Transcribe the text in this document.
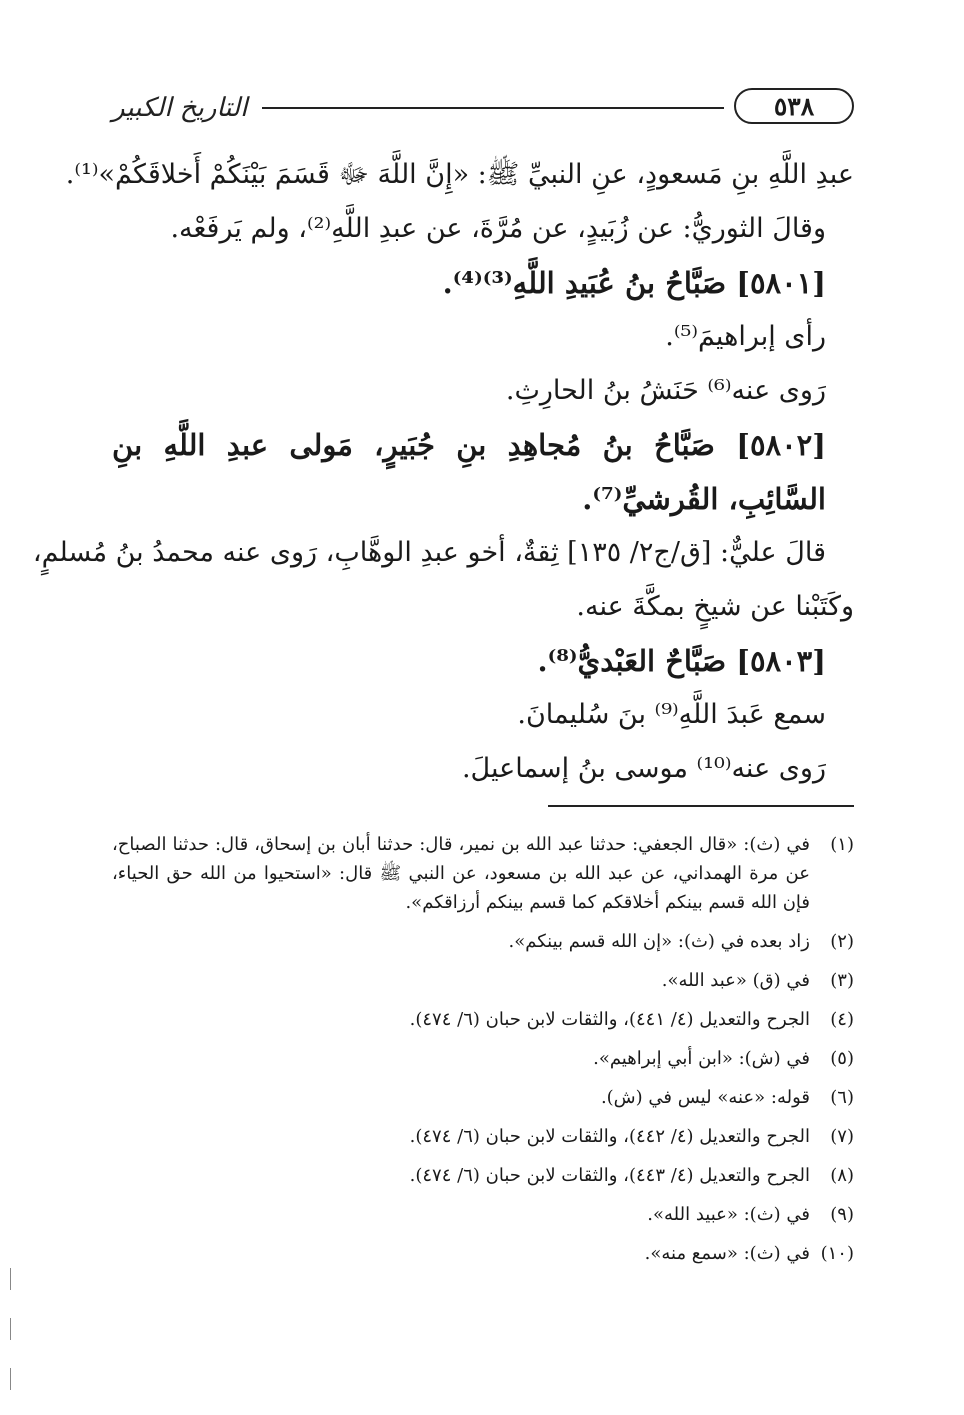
التاريخ الكبير	٥٣٨
عبدِ اللَّهِ بنِ مَسعودٍ، عنِ النبيِّ ﷺ: «إِنَّ اللَّهَ ﷻ قَسَمَ بَيْنَكُمْ أَخلاقَكُمْ»⁽¹⁾.
وقالَ الثوريُّ: عن زُبَيدٍ، عن مُرَّةَ، عن عبدِ اللَّهِ⁽²⁾، ولم يَرفَعْه.
[٥٨٠١] صَبَّاحُ بنُ عُبَيدِ اللَّهِ⁽³⁾⁽⁴⁾.
رأى إبراهيمَ⁽⁵⁾.
رَوى عنه⁽⁶⁾ حَنَشُ بنُ الحارِثِ.
[٥٨٠٢] صَبَّاحُ بنُ مُجاهِدِ بنِ جُبَيرٍ، مَولى عبدِ اللَّهِ بنِ السَّائِبِ، القُرشيِّ⁽⁷⁾.
قالَ عليٌّ: [ق/ج٢/ ١٣٥] ثِقةٌ، أخو عبدِ الوهَّابِ، رَوى عنه محمدُ بنُ مُسلمٍ،
وكَتَبْنا عن شيخٍ بمكَّةَ عنه.
[٥٨٠٣] صَبَّاحٌ العَبْديُّ⁽⁸⁾.
سمع عَبدَ اللَّهِ⁽⁹⁾ بنَ سُليمانَ.
رَوى عنه⁽¹⁰⁾ موسى بنُ إسماعيلَ.
(١)
في (ث): «قال الجعفي: حدثنا عبد الله بن نمير، قال: حدثنا أبان بن إسحاق، قال: حدثنا الصباح، عن مرة الهمداني، عن عبد الله بن مسعود، عن النبي ﷺ قال: «استحيوا من الله حق الحياء، فإن الله قسم بينكم أخلاقكم كما قسم بينكم أرزاقكم».
(٢)
زاد بعده في (ث): «إن الله قسم بينكم».
(٣)
في (ق) «عبد الله».
(٤)
الجرح والتعديل (٤/ ٤٤١)، والثقات لابن حبان (٦/ ٤٧٤).
(٥)
في (ش): «ابن أبي إبراهيم».
(٦)
قوله: «عنه» ليس في (ش).
(٧)
الجرح والتعديل (٤/ ٤٤٢)، والثقات لابن حبان (٦/ ٤٧٤).
(٨)
الجرح والتعديل (٤/ ٤٤٣)، والثقات لابن حبان (٦/ ٤٧٤).
(٩)
في (ث): «عبيد الله».
(١٠)
في (ث): «سمع منه».
